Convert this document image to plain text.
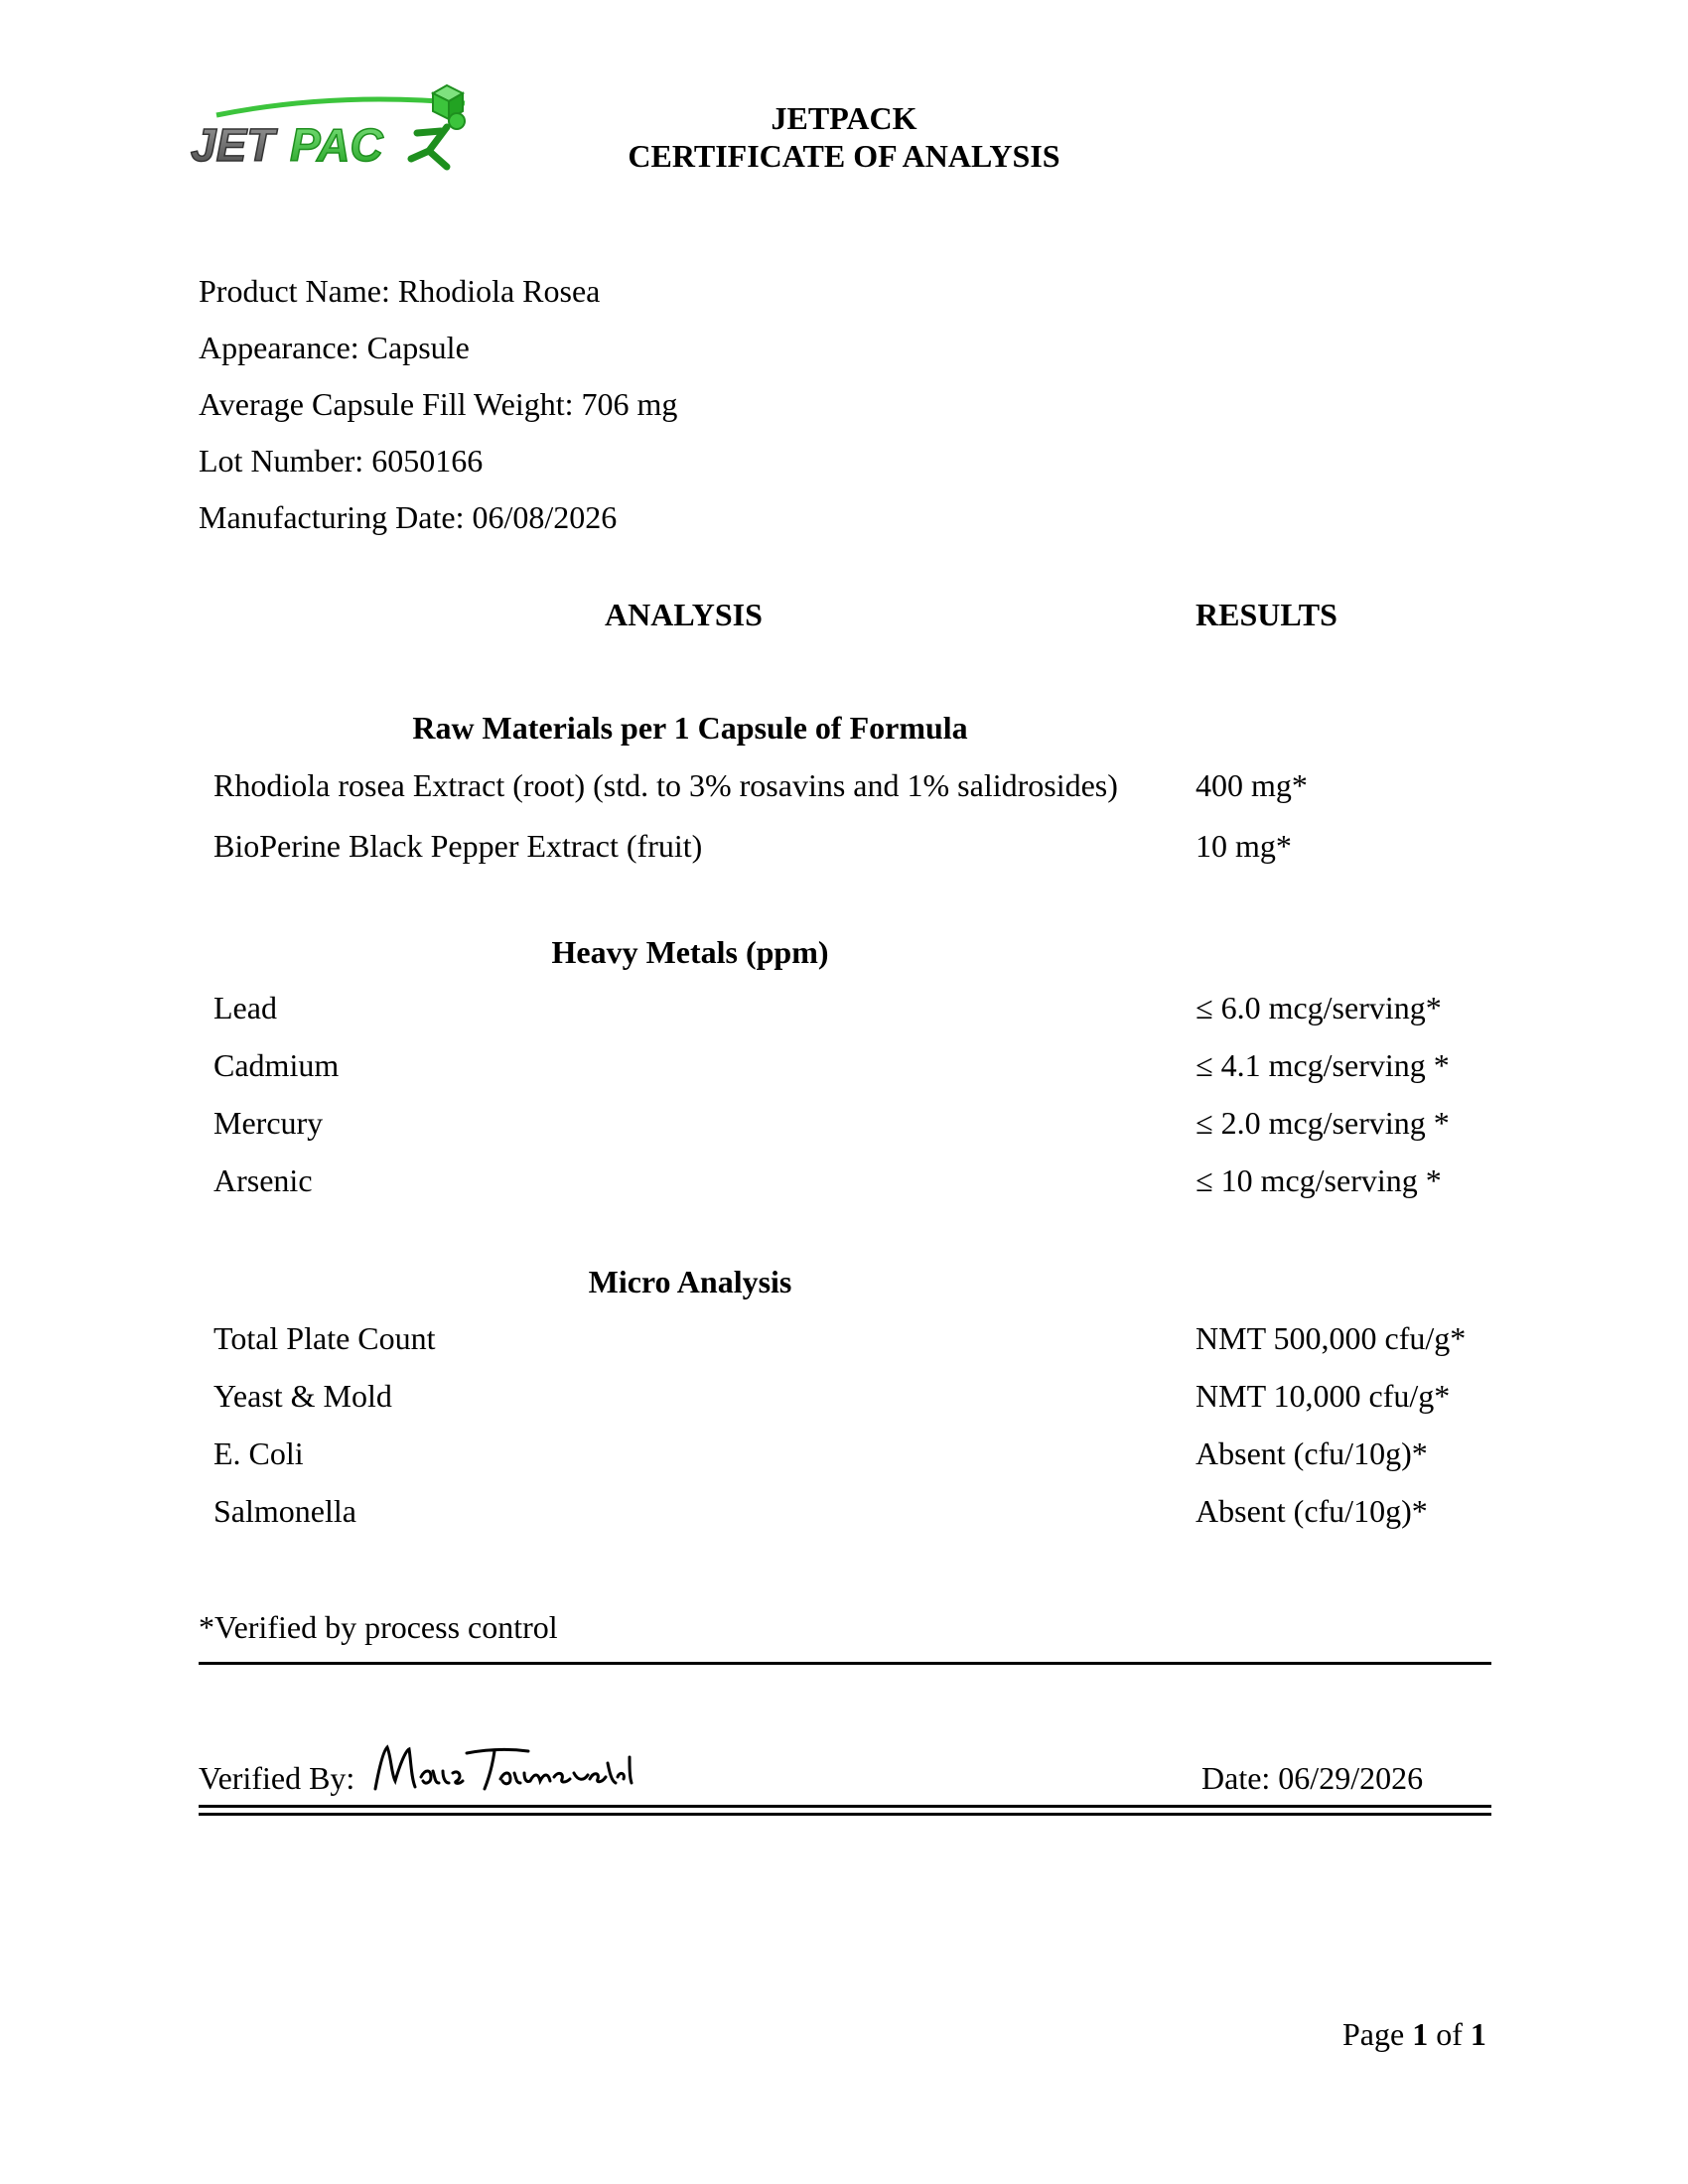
JET PAC
JETPACK
CERTIFICATE OF ANALYSIS
Product Name: Rhodiola Rosea
Appearance: Capsule
Average Capsule Fill Weight: 706 mg
Lot Number: 6050166
Manufacturing Date: 06/08/2026
ANALYSIS	RESULTS
Raw Materials per 1 Capsule of Formula
Rhodiola rosea Extract (root) (std. to 3% rosavins and 1% salidrosides) 400 mg*
BioPerine Black Pepper Extract (fruit)	10 mg*
Heavy Metals (ppm)
Lead	≤ 6.0 mcg/serving*
Cadmium	≤ 4.1 mcg/serving *
Mercury	≤ 2.0 mcg/serving *
Arsenic	≤ 10 mcg/serving *
Micro Analysis
Total Plate Count	NMT 500,000 cfu/g*
Yeast & Mold	NMT 10,000 cfu/g*
E. Coli	Absent (cfu/10g)*
Salmonella	Absent (cfu/10g)*
*Verified by process control
Verified By:	Date: 06/29/2026
Page 1 of 1
